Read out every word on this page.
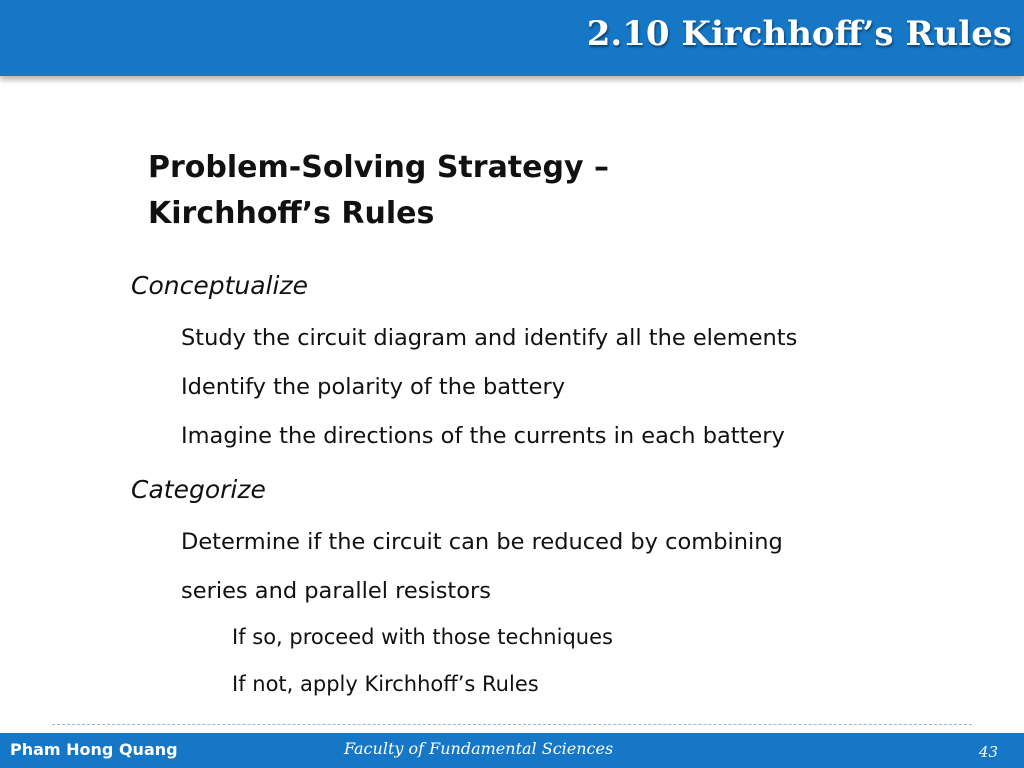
2.10 Kirchhoff’s Rules
Problem-Solving Strategy –
Kirchhoff’s Rules

Conceptualize

Study the circuit diagram and identify all the elements

Identify the polarity of the battery

Imagine the directions of the currents in each battery

Categorize

Determine if the circuit can be reduced by combining

series and parallel resistors

If so, proceed with those techniques

If not, apply Kirchhoff’s Rules

Pham Hong Quang	Faculty of Fundamental Sciences	43
